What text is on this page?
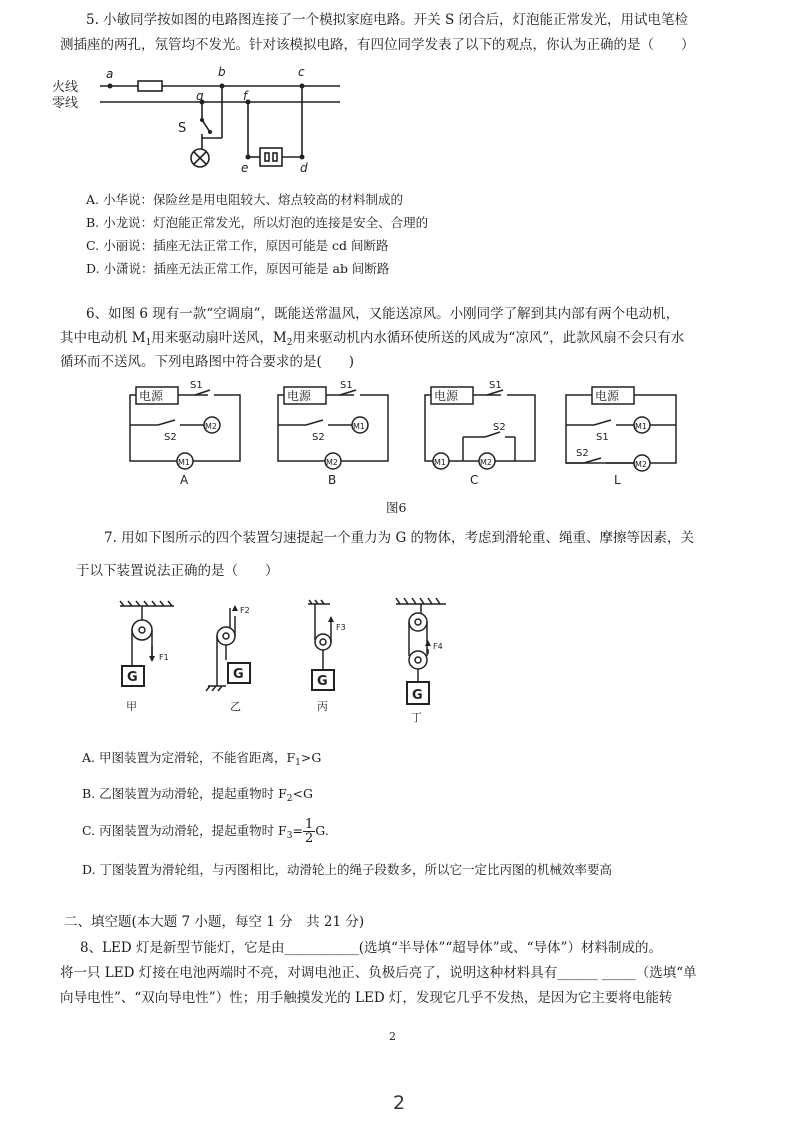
5. 小敏同学按如图的电路图连接了一个模拟家庭电路。开关 S 闭合后，灯泡能正常发光，用试电笔检
测插座的两孔，氖管均不发光。针对该模拟电路，有四位同学发表了以下的观点，你认为正确的是（　　）
火线
零线
a	b	c
g	f
S
e	d
A. 小华说：保险丝是用电阻较大、熔点较高的材料制成的
B. 小龙说：灯泡能正常发光，所以灯泡的连接是安全、合理的
C. 小丽说：插座无法正常工作，原因可能是 cd 间断路
D. 小潇说：插座无法正常工作，原因可能是 ab 间断路
6、如图 6 现有一款“空调扇”，既能送常温风，又能送凉风。小刚同学了解到其内部有两个电动机，
其中电动机 $M_1$用来驱动扇叶送风，$M_2$用来驱动机内水循环使所送的风成为“凉风”，此款风扇不会只有水
循环而不送风。下列电路图中符合要求的是(　　)
电源
S1
S2
M2
M1
A
电源
S1
S2
M1
M2
B
电源
S1
S2
M1	M2
C
电源
S1
S2
M1
M2
L
图6
7. 用如下图所示的四个装置匀速提起一个重力为 G 的物体，考虑到滑轮重、绳重、摩擦等因素，关
于以下装置说法正确的是（　　）
G
F1
甲
F2
G
乙
F3
G
丙
F4
G
丁
A. 甲图装置为定滑轮，不能省距离，$F_1>G$
B. 乙图装置为动滑轮，提起重物时 $F_2<G$
C. 丙图装置为动滑轮，提起重物时 $F_3= \frac{1}{2} G$.
D. 丁图装置为滑轮组，与丙图相比，动滑轮上的绳子段数多，所以它一定比丙图的机械效率要高
二、填空题(本大题 7 小题，每空 1 分　共 21 分)
8、LED 灯是新型节能灯，它是由___________(选填“半导体”“超导体”或、“导体”）材料制成的。
将一只 LED 灯接在电池两端时不亮，对调电池正、负极后亮了，说明这种材料具有______ _____（选填“单
向导电性”、“双向导电性”）性；用手触摸发光的 LED 灯，发现它几乎不发热，是因为它主要将电能转
2
2
